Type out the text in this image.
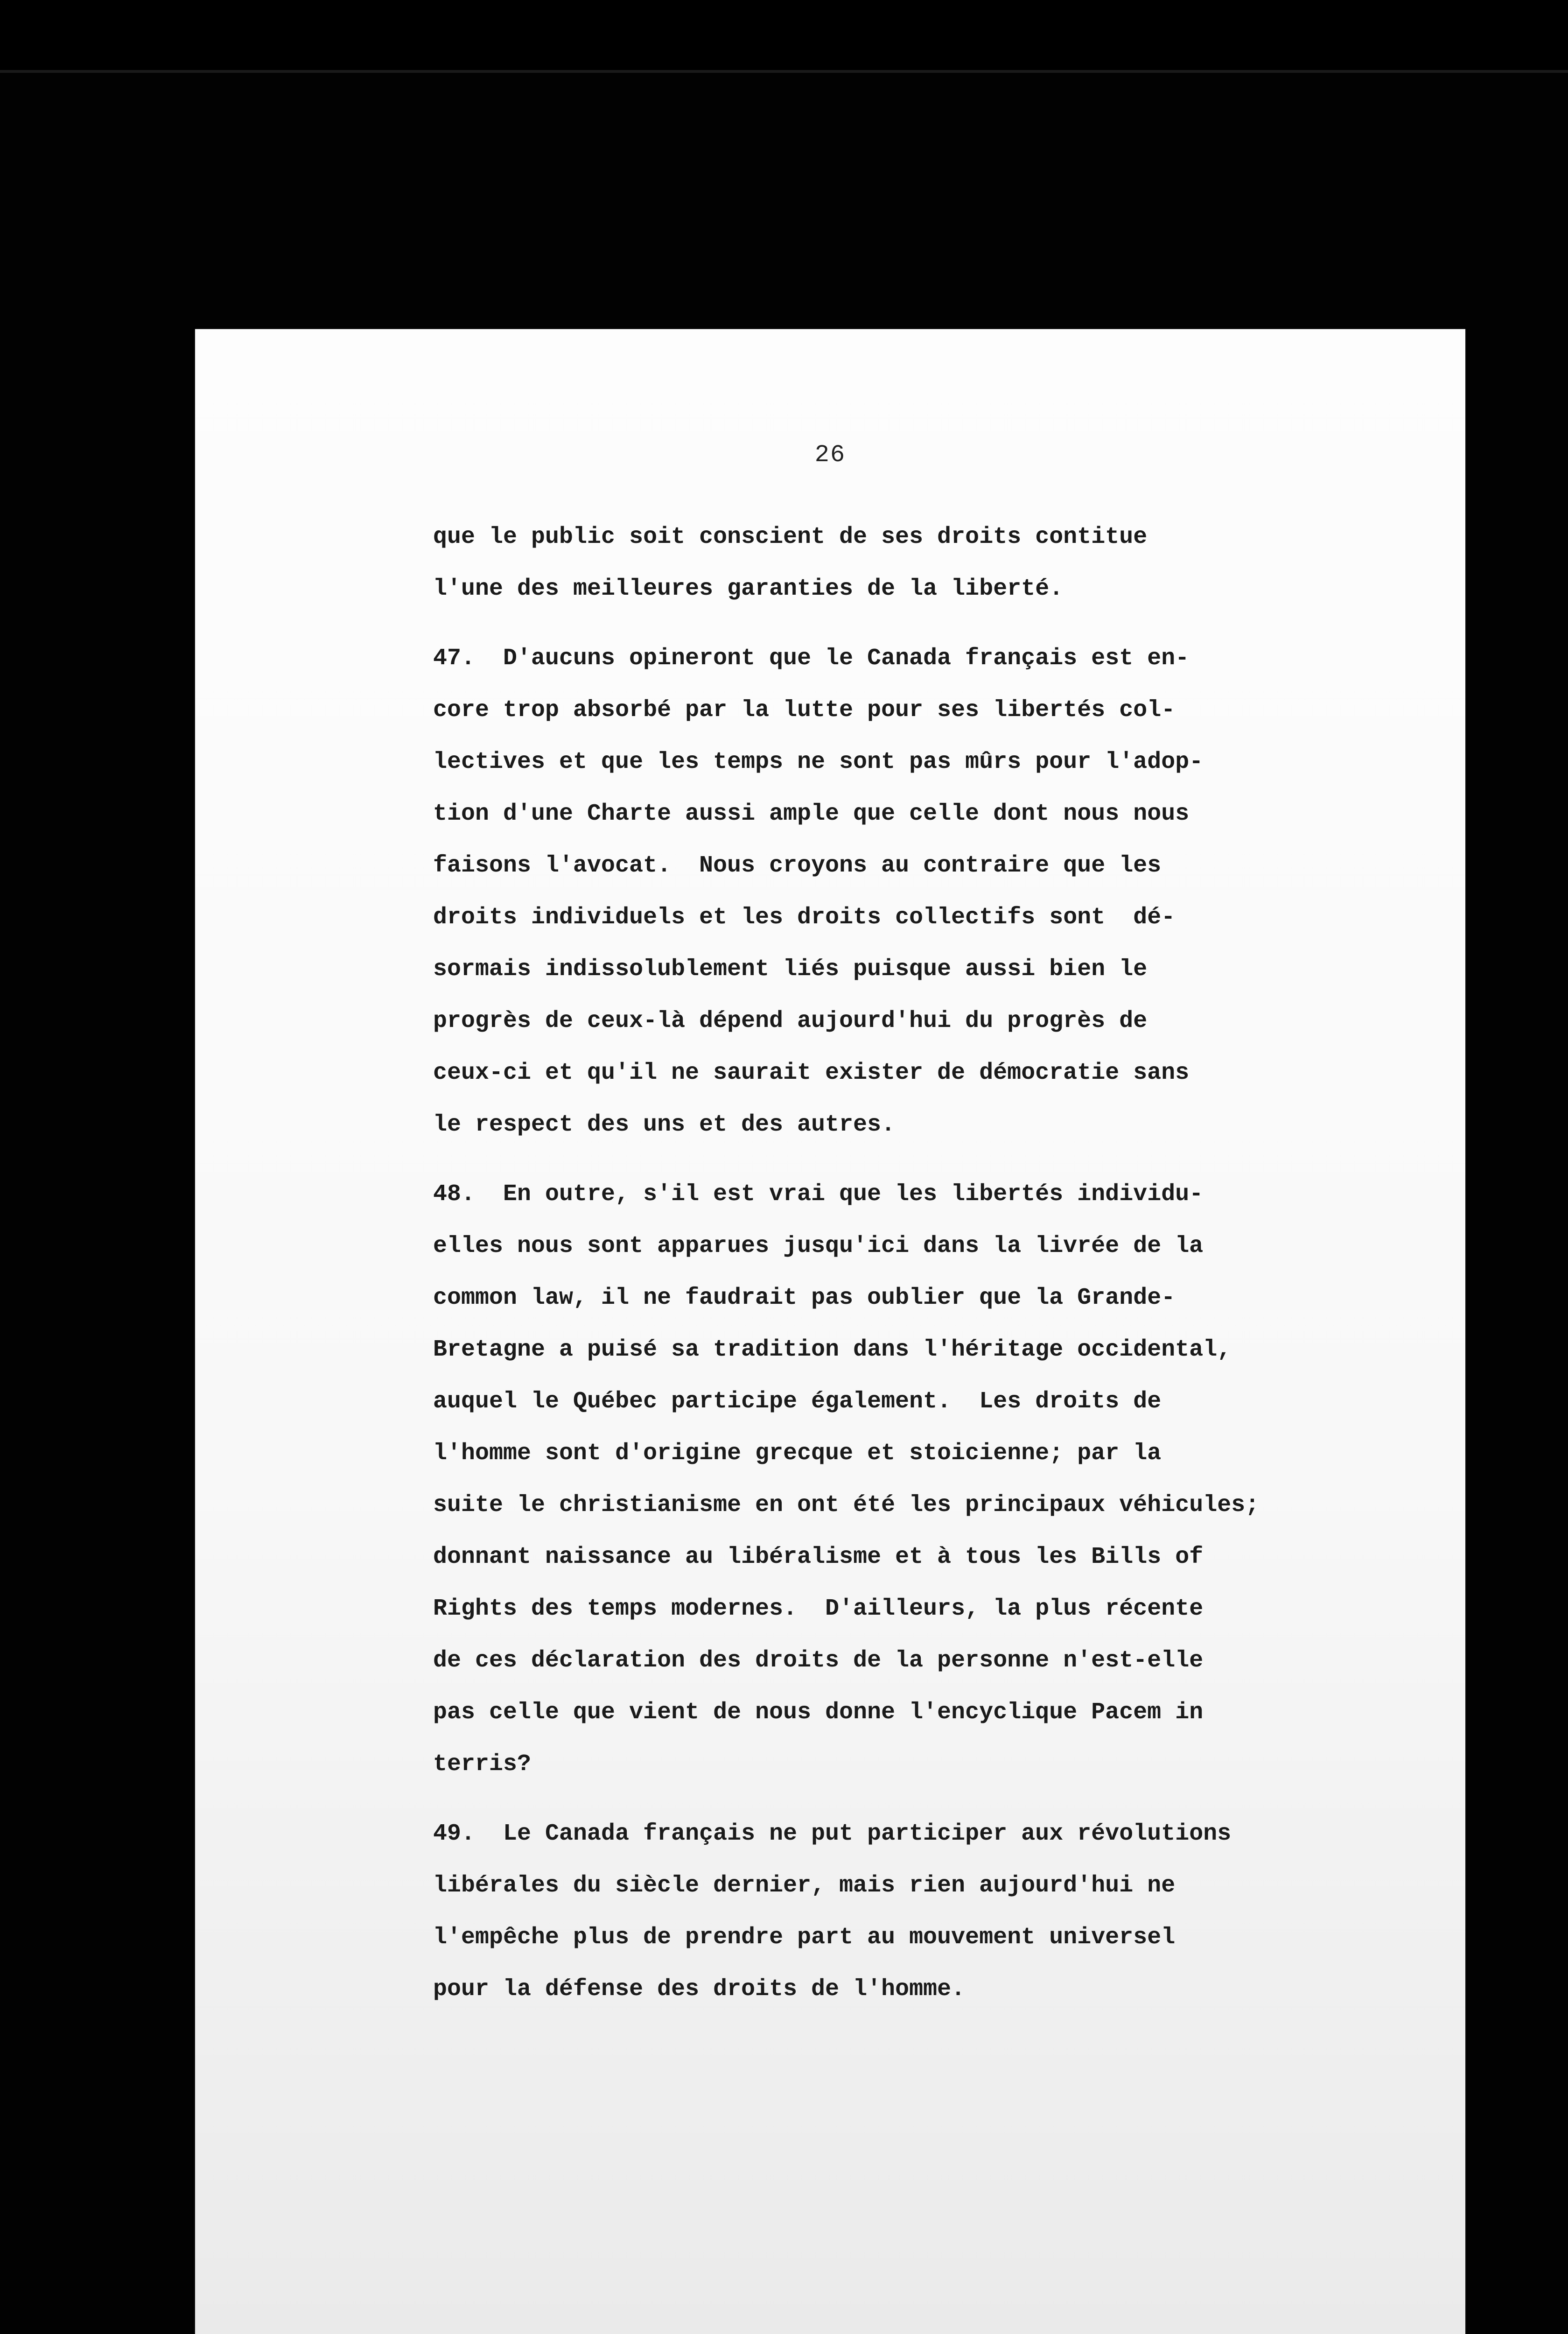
26
que le public soit conscient de ses droits contitue
l'une des meilleures garanties de la liberté.
47.  D'aucuns opineront que le Canada français est en-
core trop absorbé par la lutte pour ses libertés col-
lectives et que les temps ne sont pas mûrs pour l'adop-
tion d'une Charte aussi ample que celle dont nous nous
faisons l'avocat.  Nous croyons au contraire que les
droits individuels et les droits collectifs sont  dé-
sormais indissolublement liés puisque aussi bien le
progrès de ceux-là dépend aujourd'hui du progrès de
ceux-ci et qu'il ne saurait exister de démocratie sans
le respect des uns et des autres.
48.  En outre, s'il est vrai que les libertés individu-
elles nous sont apparues jusqu'ici dans la livrée de la
common law, il ne faudrait pas oublier que la Grande-
Bretagne a puisé sa tradition dans l'héritage occidental,
auquel le Québec participe également.  Les droits de
l'homme sont d'origine grecque et stoicienne; par la
suite le christianisme en ont été les principaux véhicules;
donnant naissance au libéralisme et à tous les Bills of
Rights des temps modernes.  D'ailleurs, la plus récente
de ces déclaration des droits de la personne n'est-elle
pas celle que vient de nous donne l'encyclique Pacem in
terris?
49.  Le Canada français ne put participer aux révolutions
libérales du siècle dernier, mais rien aujourd'hui ne
l'empêche plus de prendre part au mouvement universel
pour la défense des droits de l'homme.
